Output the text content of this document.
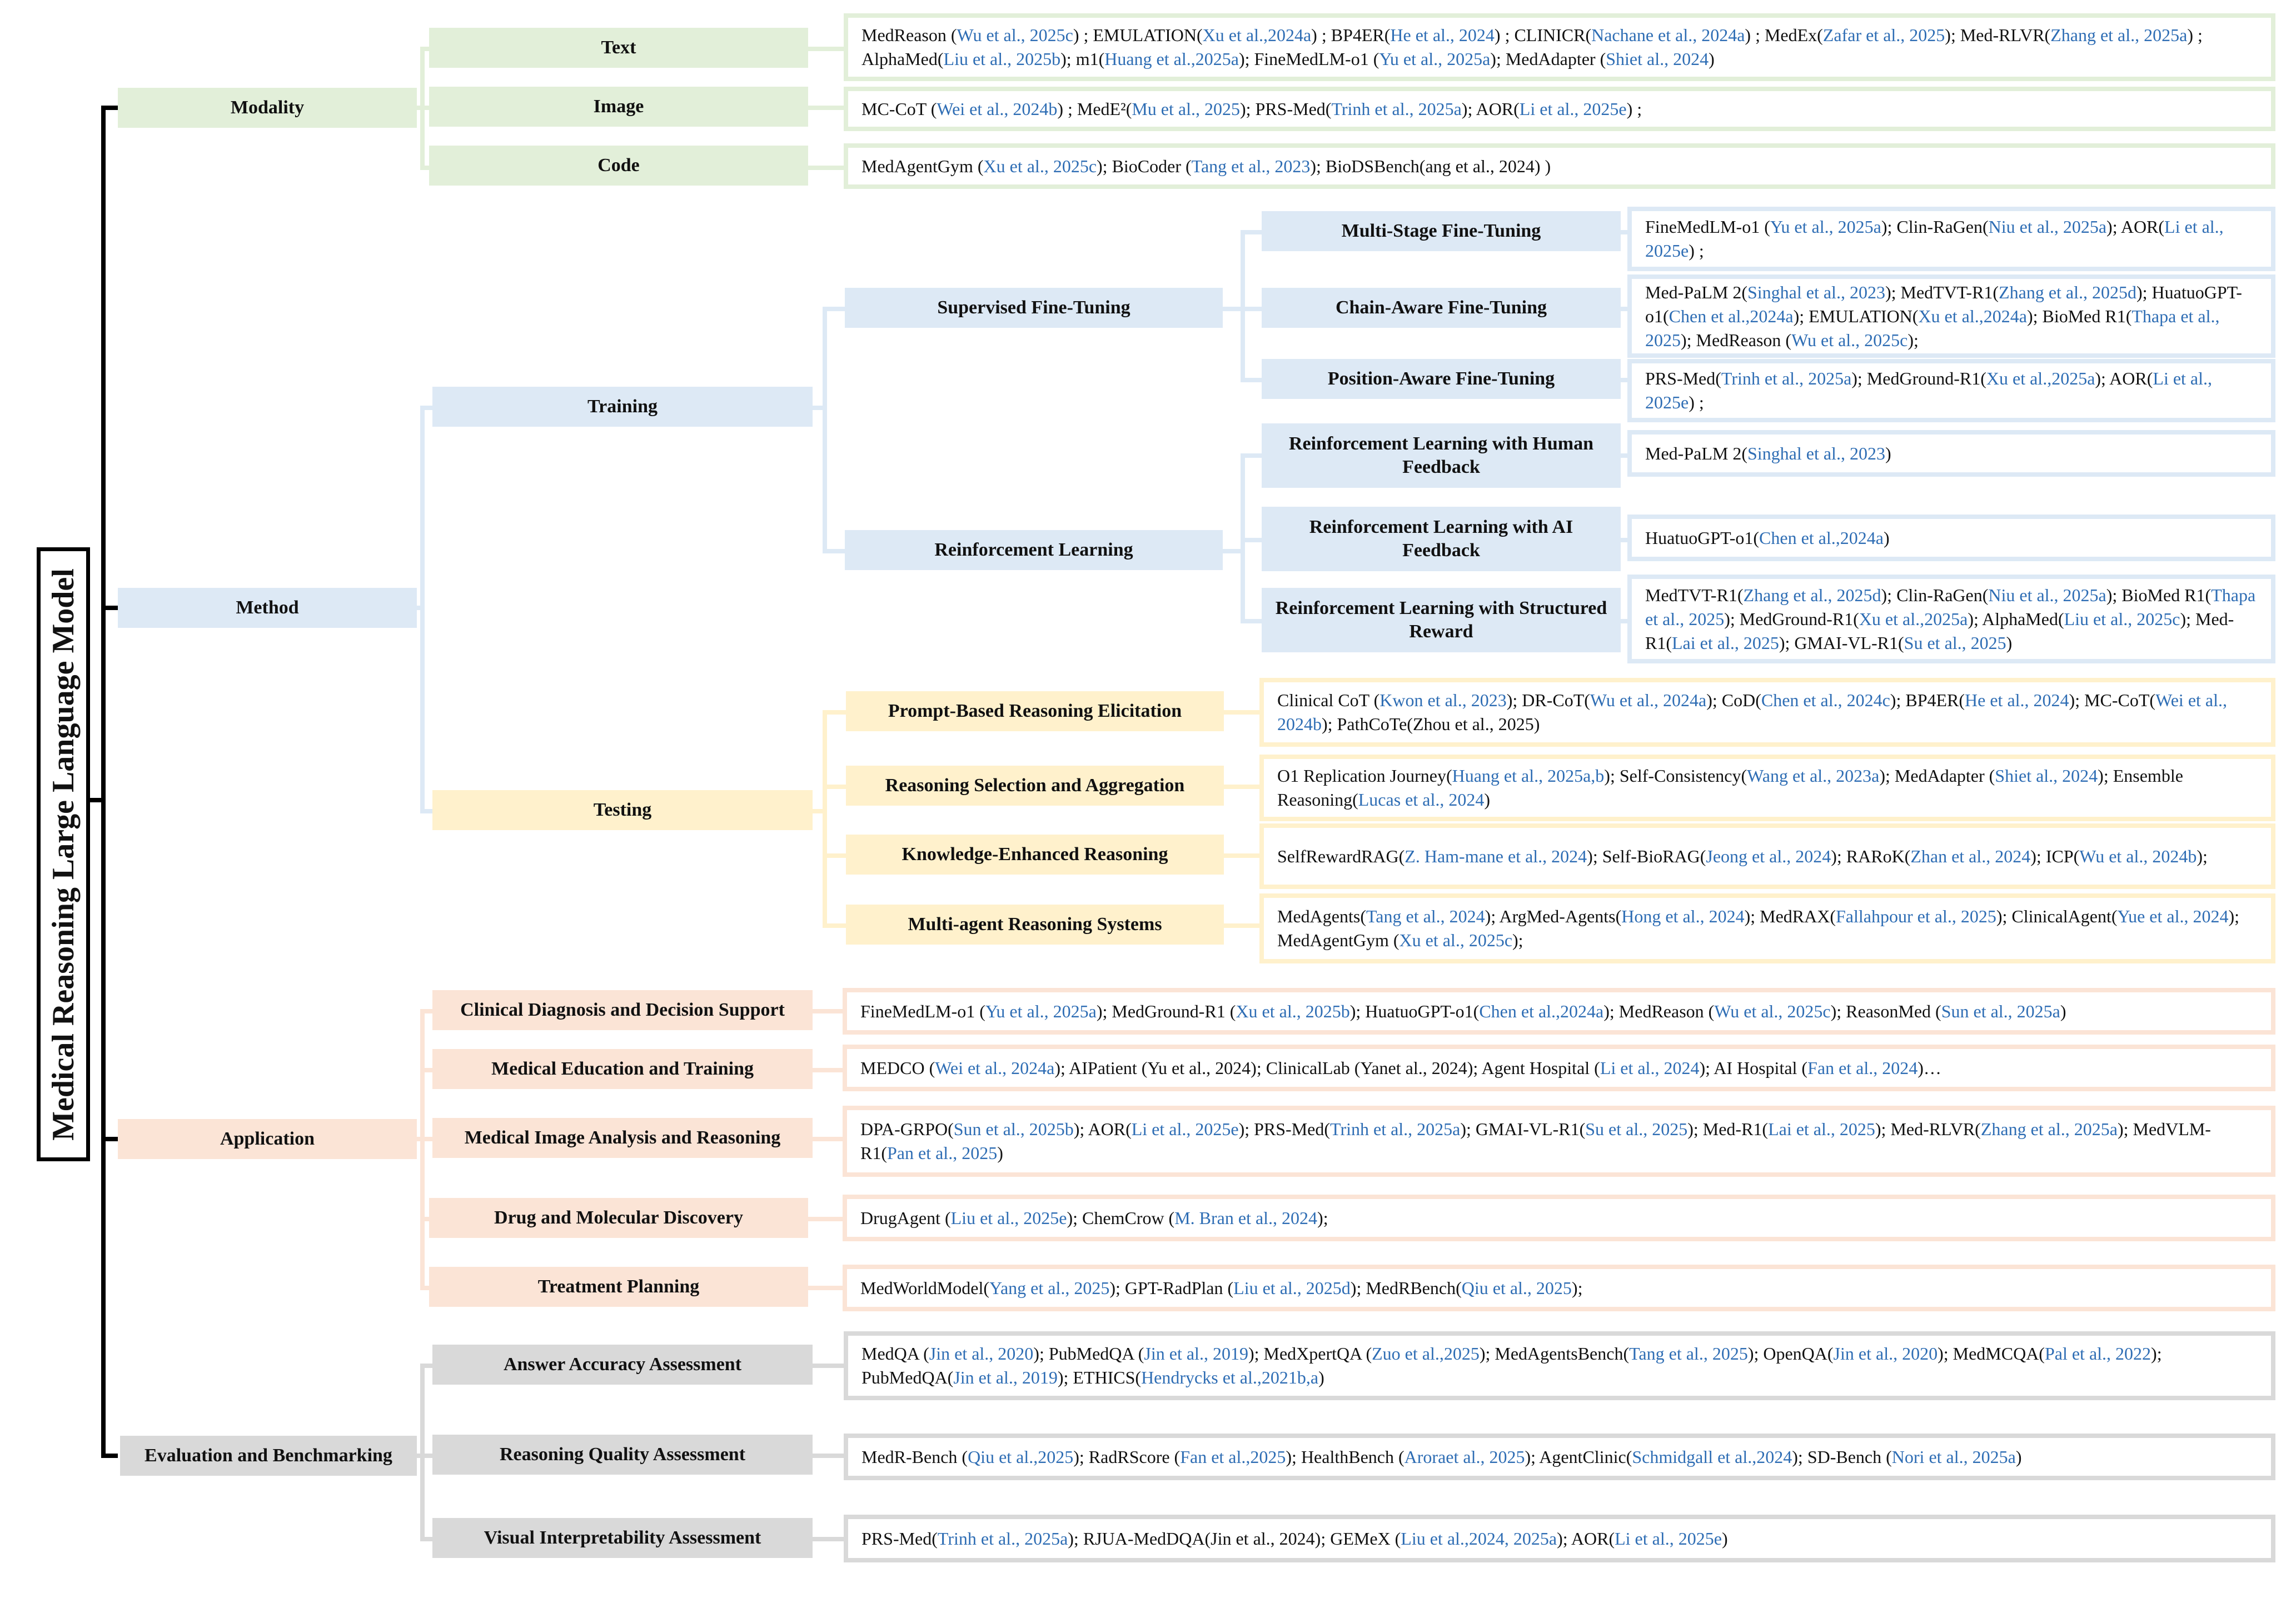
Medical Reasoning Large Language Model
Modality
Text
Image
Code
MedReason (Wu et al., 2025c) ; EMULATION(Xu et al.,2024a) ; BP4ER(He et al., 2024) ; CLINICR(Nachane et al., 2024a) ; MedEx(Zafar et al., 2025); Med-RLVR(Zhang et al., 2025a) ; AlphaMed(Liu et al., 2025b); m1(Huang et al.,2025a); FineMedLM-o1 (Yu et al., 2025a); MedAdapter (Shiet al., 2024)
MC-CoT (Wei et al., 2024b) ; MedE²(Mu et al., 2025); PRS-Med(Trinh et al., 2025a); AOR(Li et al., 2025e) ;
MedAgentGym (Xu et al., 2025c); BioCoder (Tang et al., 2023); BioDSBench(ang et al., 2024) )
Method
Training
Supervised Fine-Tuning
Reinforcement Learning
Multi-Stage Fine-Tuning
Chain-Aware Fine-Tuning
Position-Aware Fine-Tuning
FineMedLM-o1 (Yu et al., 2025a); Clin-RaGen(Niu et al., 2025a); AOR(Li et al., 2025e) ;
Med-PaLM 2(Singhal et al., 2023); MedTVT-R1(Zhang et al., 2025d); HuatuoGPT-o1(Chen et al.,2024a); EMULATION(Xu et al.,2024a); BioMed R1(Thapa et al., 2025); MedReason (Wu et al., 2025c);
PRS-Med(Trinh et al., 2025a); MedGround-R1(Xu et al.,2025a); AOR(Li et al., 2025e) ;
Reinforcement Learning with Human Feedback
Reinforcement Learning with AI Feedback
Reinforcement Learning with Structured Reward
Med-PaLM 2(Singhal et al., 2023)
HuatuoGPT-o1(Chen et al.,2024a)
MedTVT-R1(Zhang et al., 2025d); Clin-RaGen(Niu et al., 2025a); BioMed R1(Thapa et al., 2025); MedGround-R1(Xu et al.,2025a); AlphaMed(Liu et al., 2025c); Med-R1(Lai et al., 2025); GMAI-VL-R1(Su et al., 2025)
Testing
Prompt-Based Reasoning Elicitation
Reasoning Selection and Aggregation
Knowledge-Enhanced Reasoning
Multi-agent Reasoning Systems
Clinical CoT (Kwon et al., 2023); DR-CoT(Wu et al., 2024a); CoD(Chen et al., 2024c); BP4ER(He et al., 2024); MC-CoT(Wei et al., 2024b); PathCoTe(Zhou et al., 2025)
O1 Replication Journey(Huang et al., 2025a,b); Self-Consistency(Wang et al., 2023a); MedAdapter (Shiet al., 2024); Ensemble Reasoning(Lucas et al., 2024)
SelfRewardRAG(Z. Ham-mane et al., 2024); Self-BioRAG(Jeong et al., 2024); RARoK(Zhan et al., 2024); ICP(Wu et al., 2024b);
MedAgents(Tang et al., 2024); ArgMed-Agents(Hong et al., 2024); MedRAX(Fallahpour et al., 2025); ClinicalAgent(Yue et al., 2024); MedAgentGym (Xu et al., 2025c);
Application
Clinical Diagnosis and Decision Support
Medical Education and Training
Medical Image Analysis and Reasoning
Drug and Molecular Discovery
Treatment Planning
FineMedLM-o1 (Yu et al., 2025a); MedGround-R1 (Xu et al., 2025b); HuatuoGPT-o1(Chen et al.,2024a); MedReason (Wu et al., 2025c); ReasonMed (Sun et al., 2025a)
MEDCO (Wei et al., 2024a); AIPatient (Yu et al., 2024); ClinicalLab (Yanet al., 2024); Agent Hospital (Li et al., 2024); AI Hospital (Fan et al., 2024)…
DPA-GRPO(Sun et al., 2025b); AOR(Li et al., 2025e); PRS-Med(Trinh et al., 2025a); GMAI-VL-R1(Su et al., 2025); Med-R1(Lai et al., 2025); Med-RLVR(Zhang et al., 2025a); MedVLM-R1(Pan et al., 2025)
DrugAgent (Liu et al., 2025e); ChemCrow (M. Bran et al., 2024);
MedWorldModel(Yang et al., 2025); GPT-RadPlan (Liu et al., 2025d); MedRBench(Qiu et al., 2025);
Evaluation and Benchmarking
Answer Accuracy Assessment
Reasoning Quality Assessment
Visual Interpretability Assessment
MedQA (Jin et al., 2020); PubMedQA (Jin et al., 2019); MedXpertQA (Zuo et al.,2025); MedAgentsBench(Tang et al., 2025); OpenQA(Jin et al., 2020); MedMCQA(Pal et al., 2022); PubMedQA(Jin et al., 2019); ETHICS(Hendrycks et al.,2021b,a)
MedR-Bench (Qiu et al.,2025); RadRScore (Fan et al.,2025); HealthBench (Aroraet al., 2025); AgentClinic(Schmidgall et al.,2024); SD-Bench (Nori et al., 2025a)
PRS-Med(Trinh et al., 2025a); RJUA-MedDQA(Jin et al., 2024); GEMeX (Liu et al.,2024, 2025a); AOR(Li et al., 2025e)
